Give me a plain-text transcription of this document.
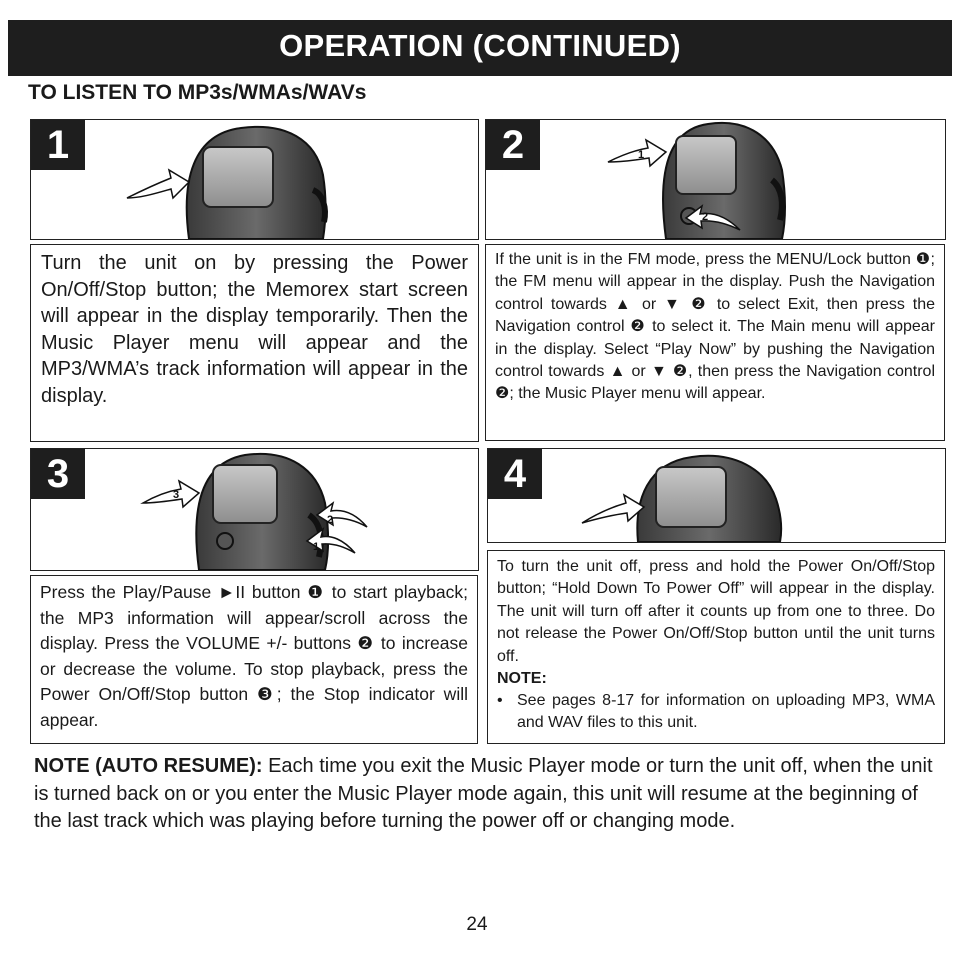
OPERATION (CONTINUED)
TO LISTEN TO MP3s/WMAs/WAVs
1

Turn the unit on by pressing the Power On/Off/Stop button; the Memorex start screen will appear in the display temporarily. Then the Music Player menu will appear and the MP3/WMA’s track information will appear in the display.

2	1
2

If the unit is in the FM mode, press the MENU/Lock button ❶; the FM menu will appear in the display. Push the Navigation control towards ▲ or ▼ ❷ to select Exit, then press the Navigation control ❷ to select it. The Main menu will appear in the display. Select “Play Now” by pushing the Navigation control towards ▲ or ▼ ❷, then press the Navigation control ❷; the Music Player menu will appear.

3	3
2
1

Press the Play/Pause ►II button ❶ to start playback; the MP3 information will appear/scroll across the display. Press the VOLUME +/- buttons ❷ to increase or decrease the volume. To stop playback, press the Power On/Off/Stop button ❸; the Stop indicator will appear.

4

To turn the unit off, press and hold the Power On/Off/Stop button; “Hold Down To Power Off” will appear in the display. The unit will turn off after it counts up from one to three. Do not release the Power On/Off/Stop button until the unit turns off.

NOTE:

• See pages 8-17 for information on uploading MP3, WMA and WAV files to this unit.

NOTE (AUTO RESUME): Each time you exit the Music Player mode or turn the unit off, when the unit is turned back on or you enter the Music Player mode again, this unit will resume at the beginning of the last track which was playing before turning the power off or changing mode.

24
